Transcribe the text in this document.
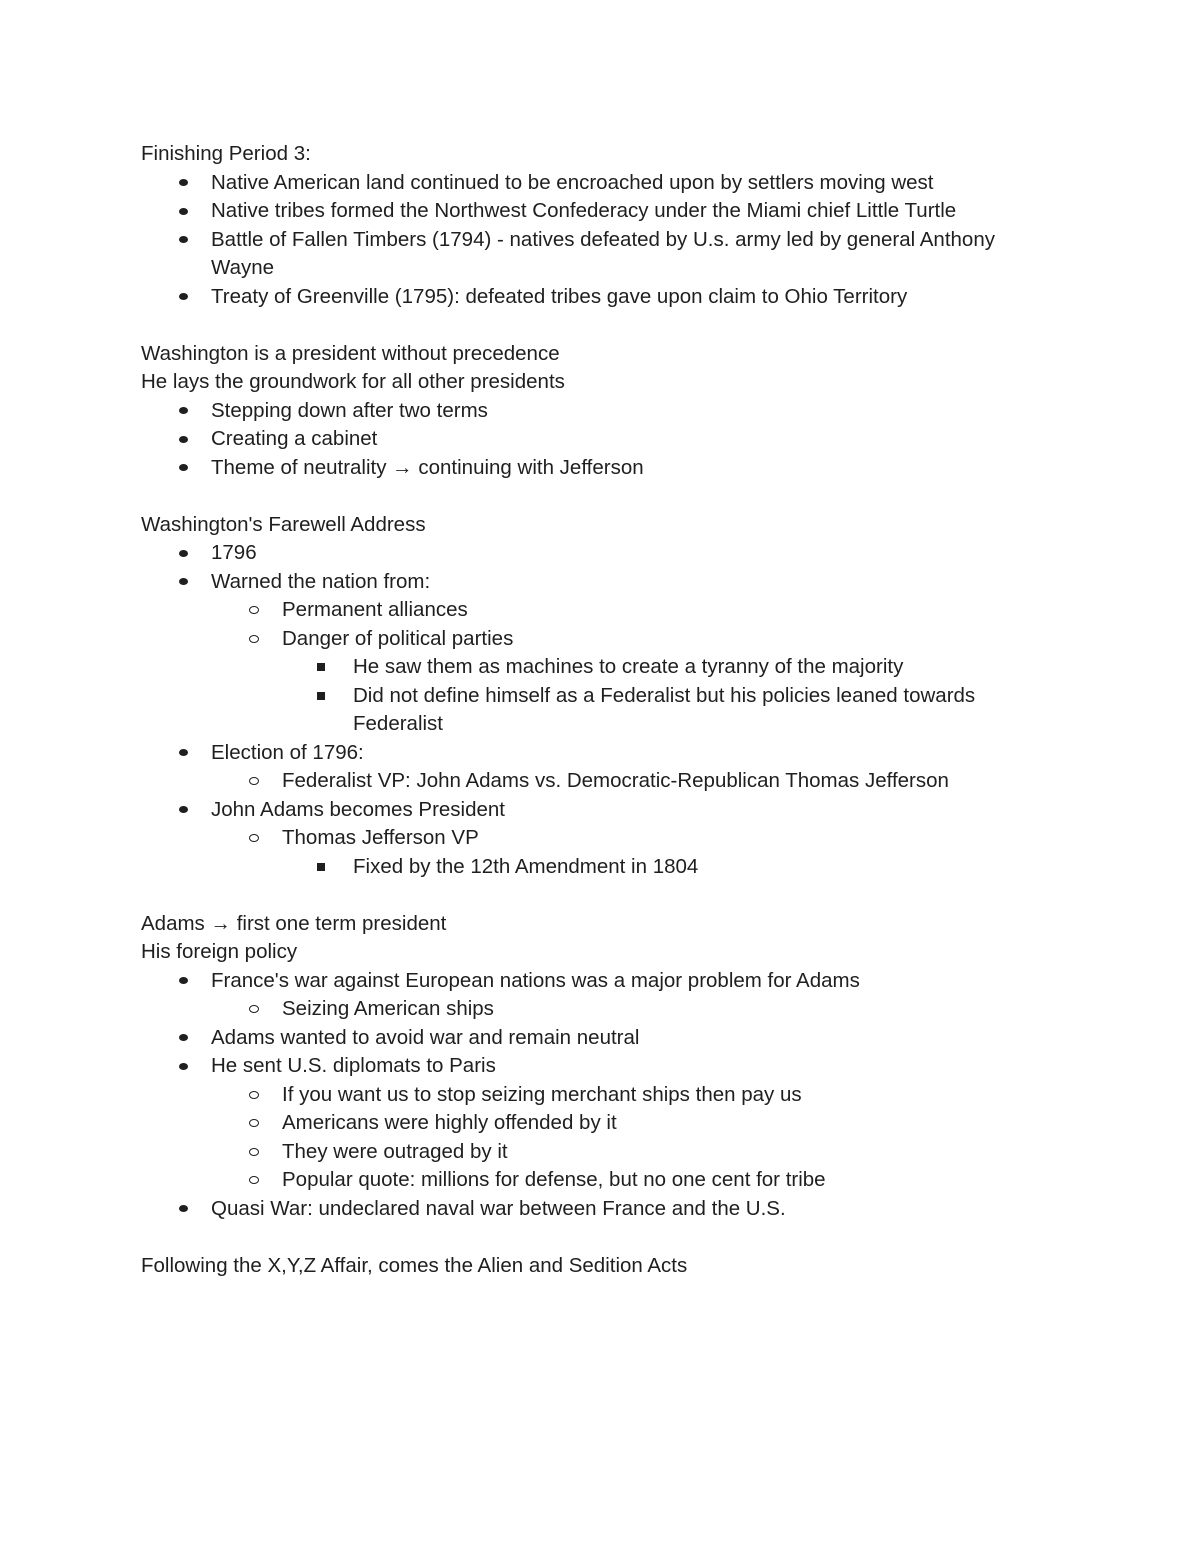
Finishing Period 3:
Native American land continued to be encroached upon by settlers moving west
Native tribes formed the Northwest Confederacy under the Miami chief Little Turtle
Battle of Fallen Timbers (1794) - natives defeated by U.s. army led by general Anthony Wayne
Treaty of Greenville (1795): defeated tribes gave upon claim to Ohio Territory
Washington is a president without precedence
He lays the groundwork for all other presidents
Stepping down after two terms
Creating a cabinet
Theme of neutrality → continuing with Jefferson
Washington's Farewell Address
1796
Warned the nation from:
Permanent alliances
Danger of political parties
He saw them as machines to create a tyranny of the majority
Did not define himself as a Federalist but his policies leaned towards Federalist
Election of 1796:
Federalist VP: John Adams vs. Democratic-Republican Thomas Jefferson
John Adams becomes President
Thomas Jefferson VP
Fixed by the 12th Amendment in 1804
Adams → first one term president
His foreign policy
France's war against European nations was a major problem for Adams
Seizing American ships
Adams wanted to avoid war and remain neutral
He sent U.S. diplomats to Paris
If you want us to stop seizing merchant ships then pay us
Americans were highly offended by it
They were outraged by it
Popular quote: millions for defense, but no one cent for tribe
Quasi War: undeclared naval war between France and the U.S.
Following the X,Y,Z Affair, comes the Alien and Sedition Acts
